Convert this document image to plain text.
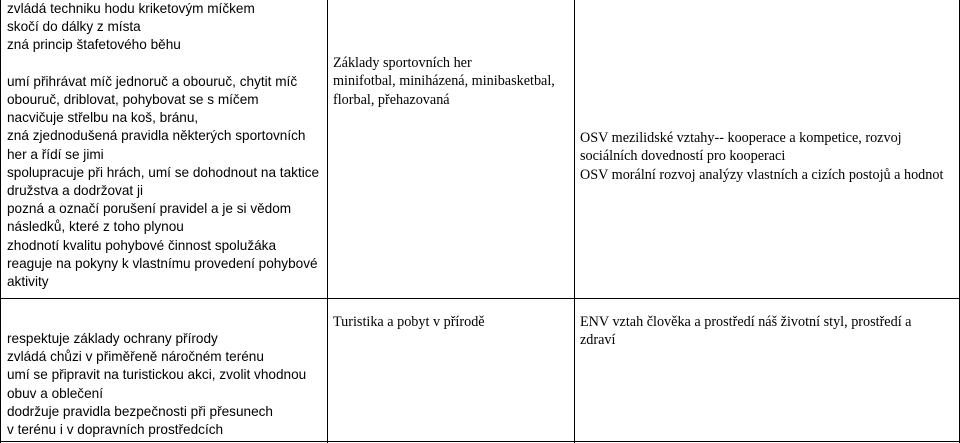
zvládá techniku hodu kriketovým míčkem
skočí do dálky z místa
zná princip štafetového běhu

umí přihrávat míč jednoruč a obouruč, chytit míč obouruč, driblovat, pohybovat se s míčem
nacvičuje střelbu na koš, bránu,
zná zjednodušená pravidla některých sportovních her a řídí se jimi
spolupracuje při hrách, umí se dohodnout na taktice družstva a dodržovat ji
pozná a označí porušení pravidel a je si vědom následků, které z toho plynou
zhodnotí kvalitu pohybové činnost spolužáka
reaguje na pokyny k vlastnímu provedení pohybové aktivity
Základy sportovních her
minifotbal, miniházená, minibasketbal, florbal, přehazovaná
OSV mezilidské vztahy-- kooperace a kompetice, rozvoj sociálních dovedností pro kooperaci
OSV morální rozvoj analýzy vlastních a cizích postojů a hodnot
respektuje základy ochrany přírody
zvládá chůzi v přiměřeně náročném terénu
umí se připravit na turistickou akci, zvolit vhodnou obuv a oblečení
dodržuje pravidla bezpečnosti při přesunech
v terénu i v dopravních prostředcích
Turistika a pobyt v přírodě	ENV vztah člověka a prostředí náš životní styl, prostředí a zdraví
